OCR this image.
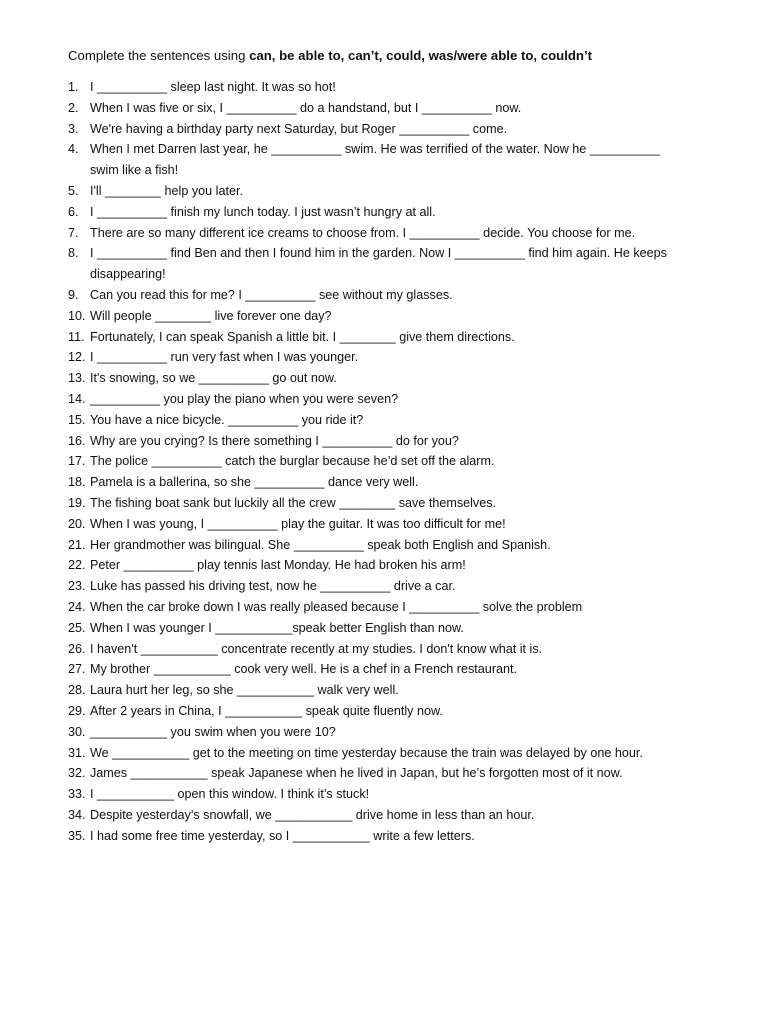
Complete the sentences using can, be able to, can’t, could, was/were able to, couldn’t
1. I __________ sleep last night. It was so hot!
2. When I was five or six, I __________ do a handstand, but I __________ now.
3. We're having a birthday party next Saturday, but Roger __________ come.
4. When I met Darren last year, he __________ swim. He was terrified of the water. Now he __________
swim like a fish!
5. I'll ________ help you later.
6. I __________ finish my lunch today. I just wasn’t hungry at all.
7. There are so many different ice creams to choose from. I __________ decide. You choose for me.
8. I __________ find Ben and then I found him in the garden. Now I __________ find him again. He keeps
disappearing!
9. Can you read this for me? I __________ see without my glasses.
10. Will people ________ live forever one day?
11. Fortunately, I can speak Spanish a little bit. I ________ give them directions.
12. I __________ run very fast when I was younger.
13. It's snowing, so we __________ go out now.
14. __________ you play the piano when you were seven?
15. You have a nice bicycle. __________ you ride it?
16. Why are you crying? Is there something I __________ do for you?
17. The police __________ catch the burglar because he’d set off the alarm.
18. Pamela is a ballerina, so she __________ dance very well.
19. The fishing boat sank but luckily all the crew ________ save themselves.
20. When I was young, I __________ play the guitar. It was too difficult for me!
21. Her grandmother was bilingual. She __________ speak both English and Spanish.
22. Peter __________ play tennis last Monday. He had broken his arm!
23. Luke has passed his driving test, now he __________ drive a car.
24. When the car broke down I was really pleased because I __________ solve the problem
25. When I was younger I ___________speak better English than now.
26. I haven't ___________ concentrate recently at my studies. I don't know what it is.
27. My brother ___________ cook very well. He is a chef in a French restaurant.
28. Laura hurt her leg, so she ___________ walk very well.
29. After 2 years in China, I ___________ speak quite fluently now.
30. ___________ you swim when you were 10?
31. We ___________ get to the meeting on time yesterday because the train was delayed by one hour.
32. James ___________ speak Japanese when he lived in Japan, but he’s forgotten most of it now.
33. I ___________ open this window. I think it’s stuck!
34. Despite yesterday’s snowfall, we ___________ drive home in less than an hour.
35. I had some free time yesterday, so I ___________ write a few letters.
